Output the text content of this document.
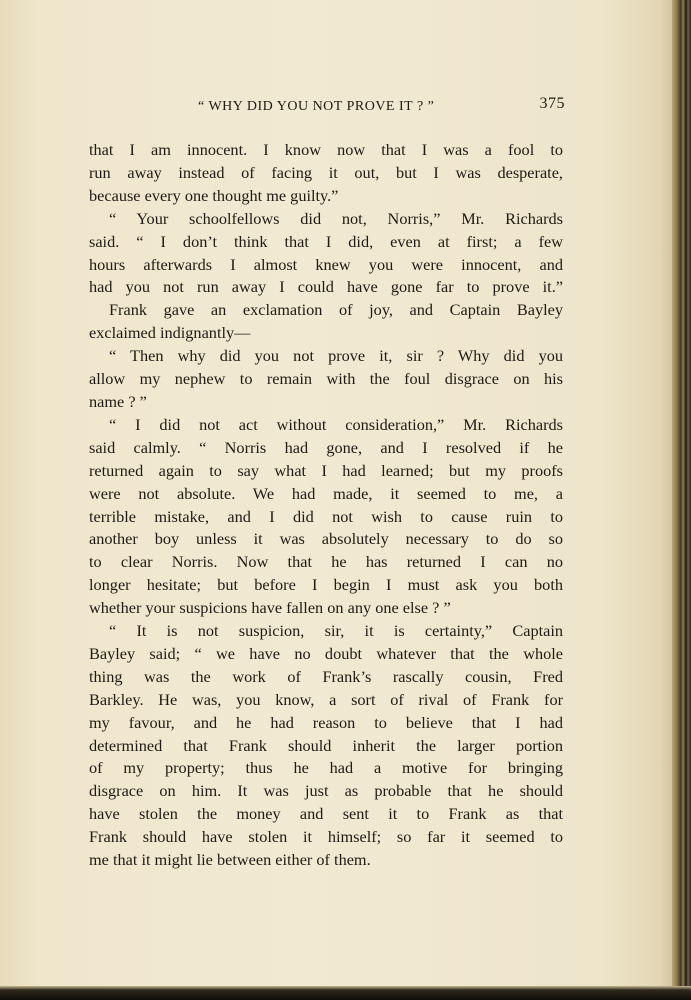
“ WHY DID YOU NOT PROVE IT ? ”	375
that I am innocent. I know now that I was a fool to
run away instead of facing it out, but I was desperate,
because every one thought me guilty.”
“ Your schoolfellows did not, Norris,” Mr. Richards
said. “ I don’t think that I did, even at first; a few
hours afterwards I almost knew you were innocent, and
had you not run away I could have gone far to prove it.”
Frank gave an exclamation of joy, and Captain Bayley
exclaimed indignantly—
“ Then why did you not prove it, sir ? Why did you
allow my nephew to remain with the foul disgrace on his
name ? ”
“ I did not act without consideration,” Mr. Richards
said calmly. “ Norris had gone, and I resolved if he
returned again to say what I had learned; but my proofs
were not absolute. We had made, it seemed to me, a
terrible mistake, and I did not wish to cause ruin to
another boy unless it was absolutely necessary to do so
to clear Norris. Now that he has returned I can no
longer hesitate; but before I begin I must ask you both
whether your suspicions have fallen on any one else ? ”
“ It is not suspicion, sir, it is certainty,” Captain
Bayley said; “ we have no doubt whatever that the whole
thing was the work of Frank’s rascally cousin, Fred
Barkley. He was, you know, a sort of rival of Frank for
my favour, and he had reason to believe that I had
determined that Frank should inherit the larger portion
of my property; thus he had a motive for bringing
disgrace on him. It was just as probable that he should
have stolen the money and sent it to Frank as that
Frank should have stolen it himself; so far it seemed to
me that it might lie between either of them.
